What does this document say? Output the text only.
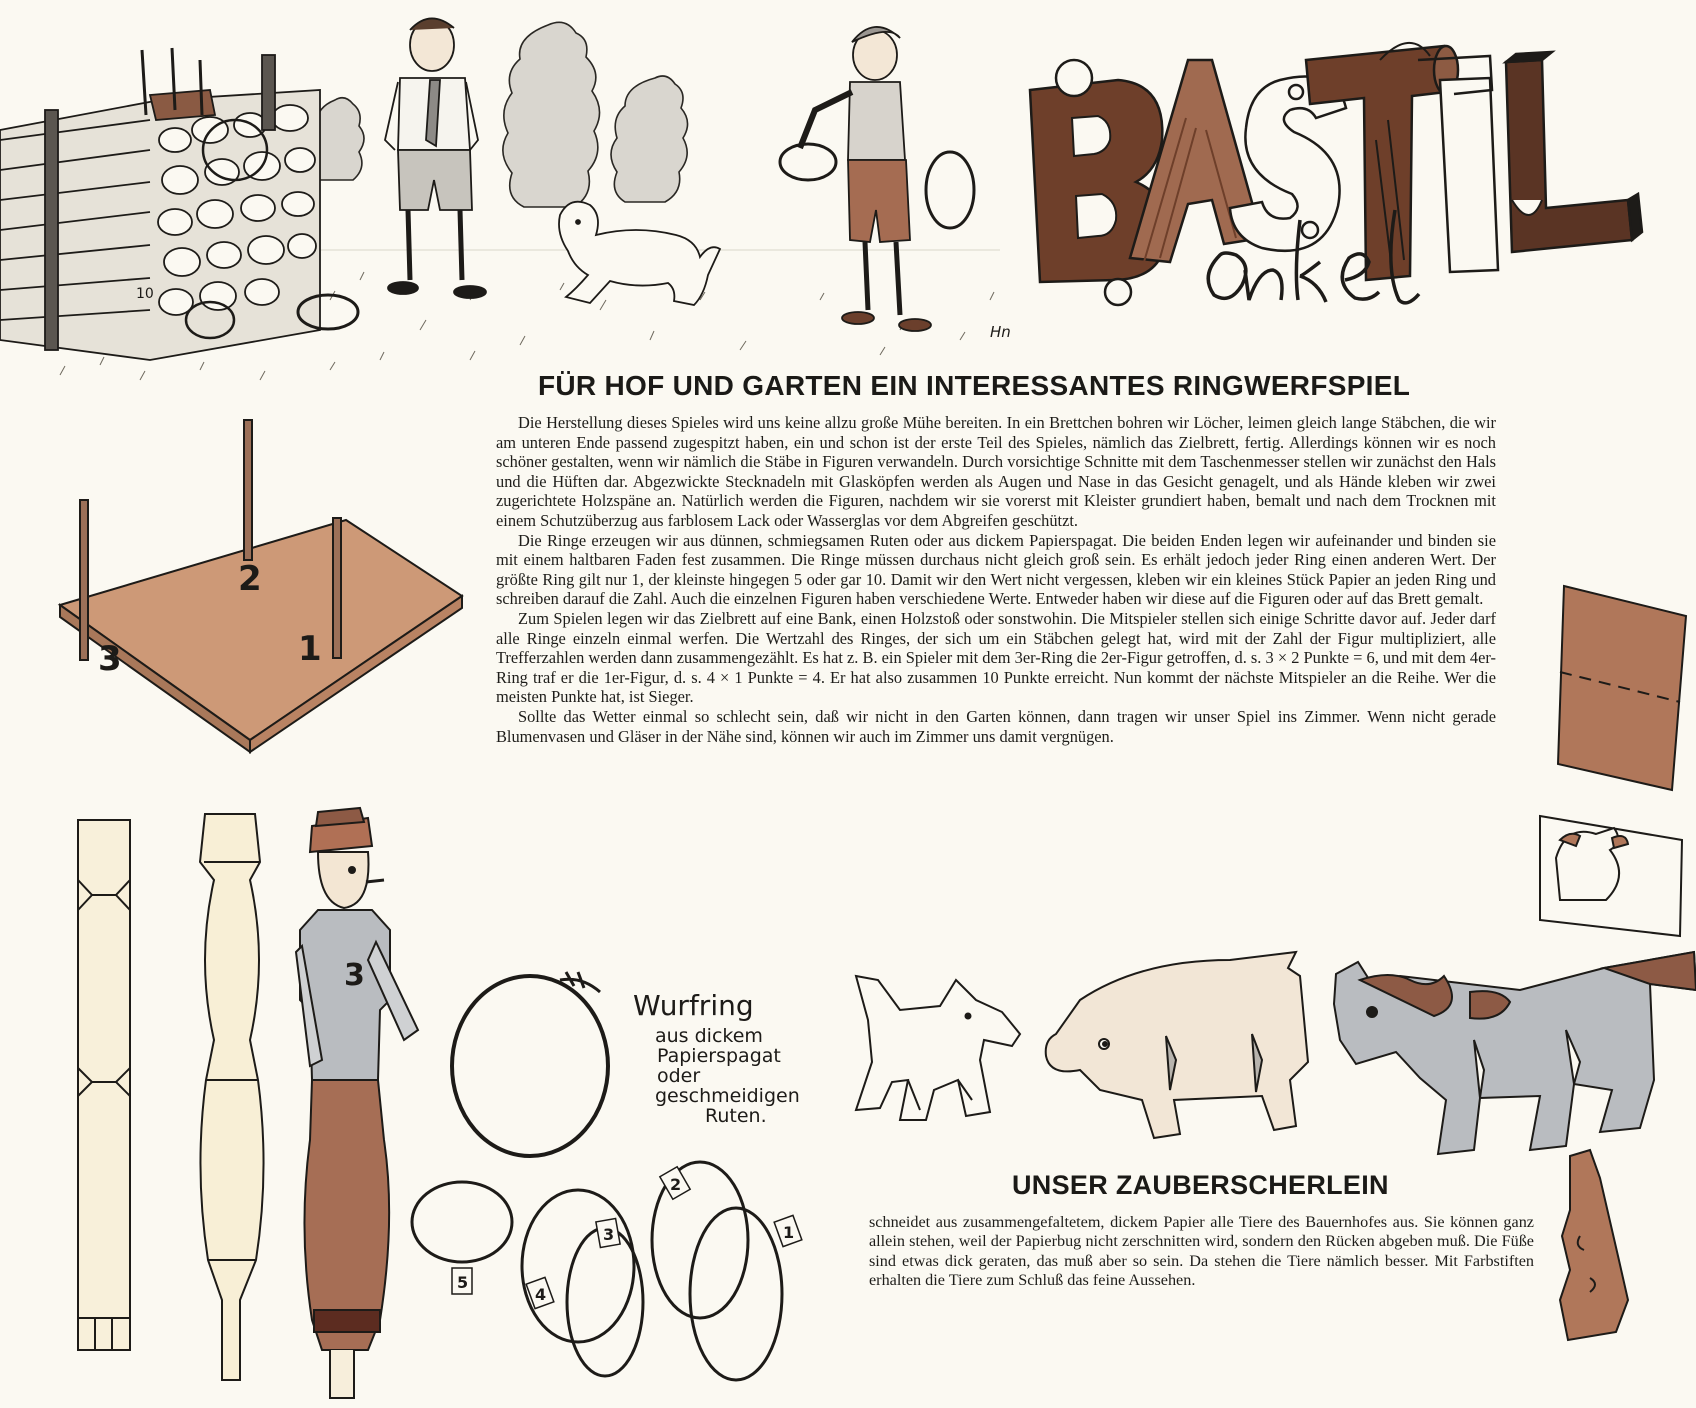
10
Hn
2
3	1
3
Wurfring
aus dickem
Papierspagat
oder
geschmeidigen
Ruten.
5
4
3
2
1
FÜR HOF UND GARTEN EIN INTERESSANTES RINGWERFSPIEL

Die Herstellung dieses Spieles wird uns keine allzu große Mühe bereiten. In ein Brettchen bohren wir Löcher, leimen gleich lange Stäbchen, die wir am unteren Ende passend zugespitzt haben, ein und schon ist der erste Teil des Spieles, nämlich das Zielbrett, fertig. Allerdings können wir es noch schöner gestalten, wenn wir nämlich die Stäbe in Figuren verwandeln. Durch vorsichtige Schnitte mit dem Taschenmesser stellen wir zunächst den Hals und die Hüften dar. Abgezwickte Stecknadeln mit Glasköpfen werden als Augen und Nase in das Gesicht genagelt, und als Hände kleben wir zwei zugerichtete Holzspäne an. Natürlich werden die Figuren, nachdem wir sie vorerst mit Kleister grundiert haben, bemalt und nach dem Trocknen mit einem Schutzüberzug aus farblosem Lack oder Wasserglas vor dem Abgreifen geschützt.

Die Ringe erzeugen wir aus dünnen, schmiegsamen Ruten oder aus dickem Papierspagat. Die beiden Enden legen wir aufeinander und binden sie mit einem haltbaren Faden fest zusammen. Die Ringe müssen durchaus nicht gleich groß sein. Es erhält jedoch jeder Ring einen anderen Wert. Der größte Ring gilt nur 1, der kleinste hingegen 5 oder gar 10. Damit wir den Wert nicht vergessen, kleben wir ein kleines Stück Papier an jeden Ring und schreiben darauf die Zahl. Auch die einzelnen Figuren haben verschiedene Werte. Entweder haben wir diese auf die Figuren oder auf das Brett gemalt.

Zum Spielen legen wir das Zielbrett auf eine Bank, einen Holzstoß oder sonstwohin. Die Mitspieler stellen sich einige Schritte davor auf. Jeder darf alle Ringe einzeln einmal werfen. Die Wertzahl des Ringes, der sich um ein Stäbchen gelegt hat, wird mit der Zahl der Figur multipliziert, alle Trefferzahlen werden dann zusammengezählt. Es hat z. B. ein Spieler mit dem 3er-Ring die 2er-Figur getroffen, d. s. 3 × 2 Punkte = 6, und mit dem 4er-Ring traf er die 1er-Figur, d. s. 4 × 1 Punkte = 4. Er hat also zusammen 10 Punkte erreicht. Nun kommt der nächste Mitspieler an die Reihe. Wer die meisten Punkte hat, ist Sieger.

Sollte das Wetter einmal so schlecht sein, daß wir nicht in den Garten können, dann tragen wir unser Spiel ins Zimmer. Wenn nicht gerade Blumenvasen und Gläser in der Nähe sind, können wir auch im Zimmer uns damit vergnügen.

UNSER ZAUBERSCHERLEIN

schneidet aus zusammengefaltetem, dickem Papier alle Tiere des Bauernhofes aus. Sie können ganz allein stehen, weil der Papierbug nicht zerschnitten wird, sondern den Rücken abgeben muß. Die Füße sind etwas dick geraten, das muß aber so sein. Da stehen die Tiere nämlich besser. Mit Farbstiften erhalten die Tiere zum Schluß das feine Aussehen.
